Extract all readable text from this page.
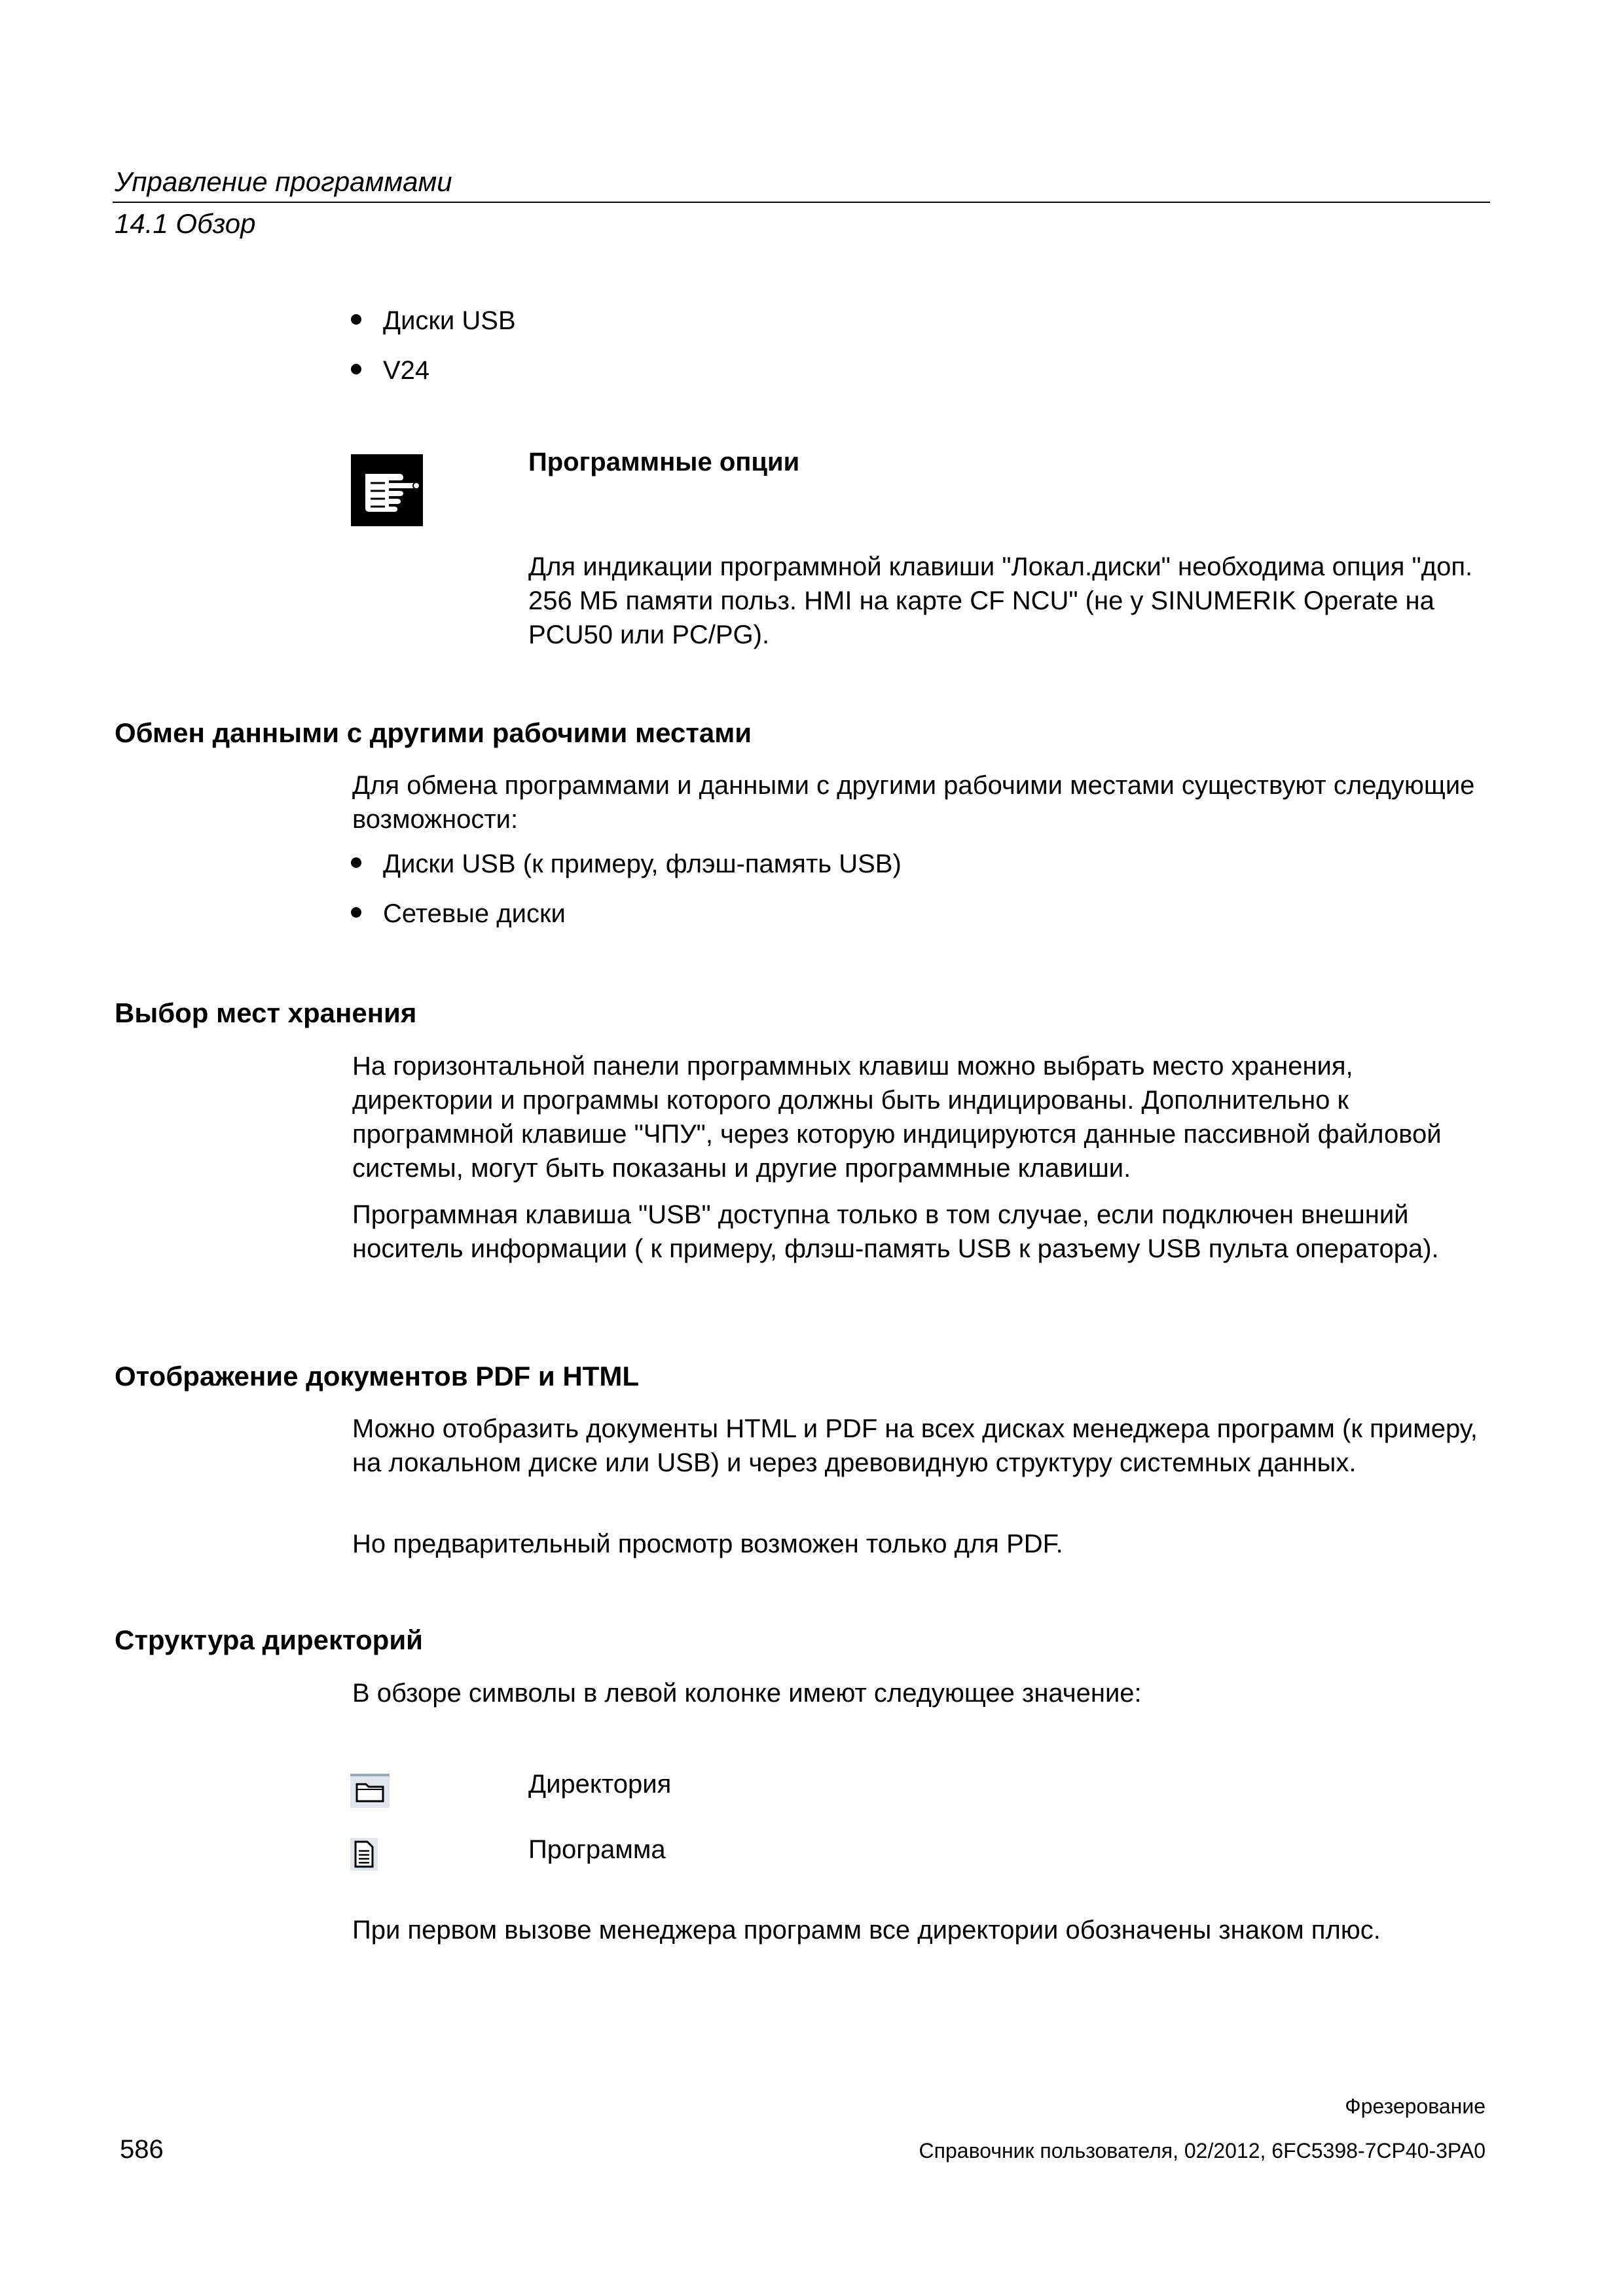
Управление программами
14.1 Обзор
Диски USB
V24
Программные опции
Для индикации программной клавиши "Локал.диски" необходима опция "доп. 256 МБ памяти польз. HMI на карте CF NCU" (не у SINUMERIK Operate на PCU50 или PC/PG).
Обмен данными с другими рабочими местами
Для обмена программами и данными с другими рабочими местами существуют следующие возможности:
Диски USB (к примеру, флэш-память USB)
Сетевые диски
Выбор мест хранения
На горизонтальной панели программных клавиш можно выбрать место хранения, директории и программы которого должны быть индицированы. Дополнительно к программной клавише "ЧПУ", через которую индицируются данные пассивной файловой системы, могут быть показаны и другие программные клавиши.
Программная клавиша "USB" доступна только в том случае, если подключен внешний носитель информации ( к примеру, флэш-память USB к разъему USB пульта оператора).
Отображение документов PDF и HTML
Можно отобразить документы HTML и PDF на всех дисках менеджера программ (к примеру, на локальном диске или USB) и через древовидную структуру системных данных.
Но предварительный просмотр возможен только для PDF.
Структура директорий
В обзоре символы в левой колонке имеют следующее значение:
Директория
Программа
При первом вызове менеджера программ все директории обозначены знаком плюс.
Фрезерование
586	Справочник пользователя, 02/2012, 6FC5398-7CP40-3PA0
